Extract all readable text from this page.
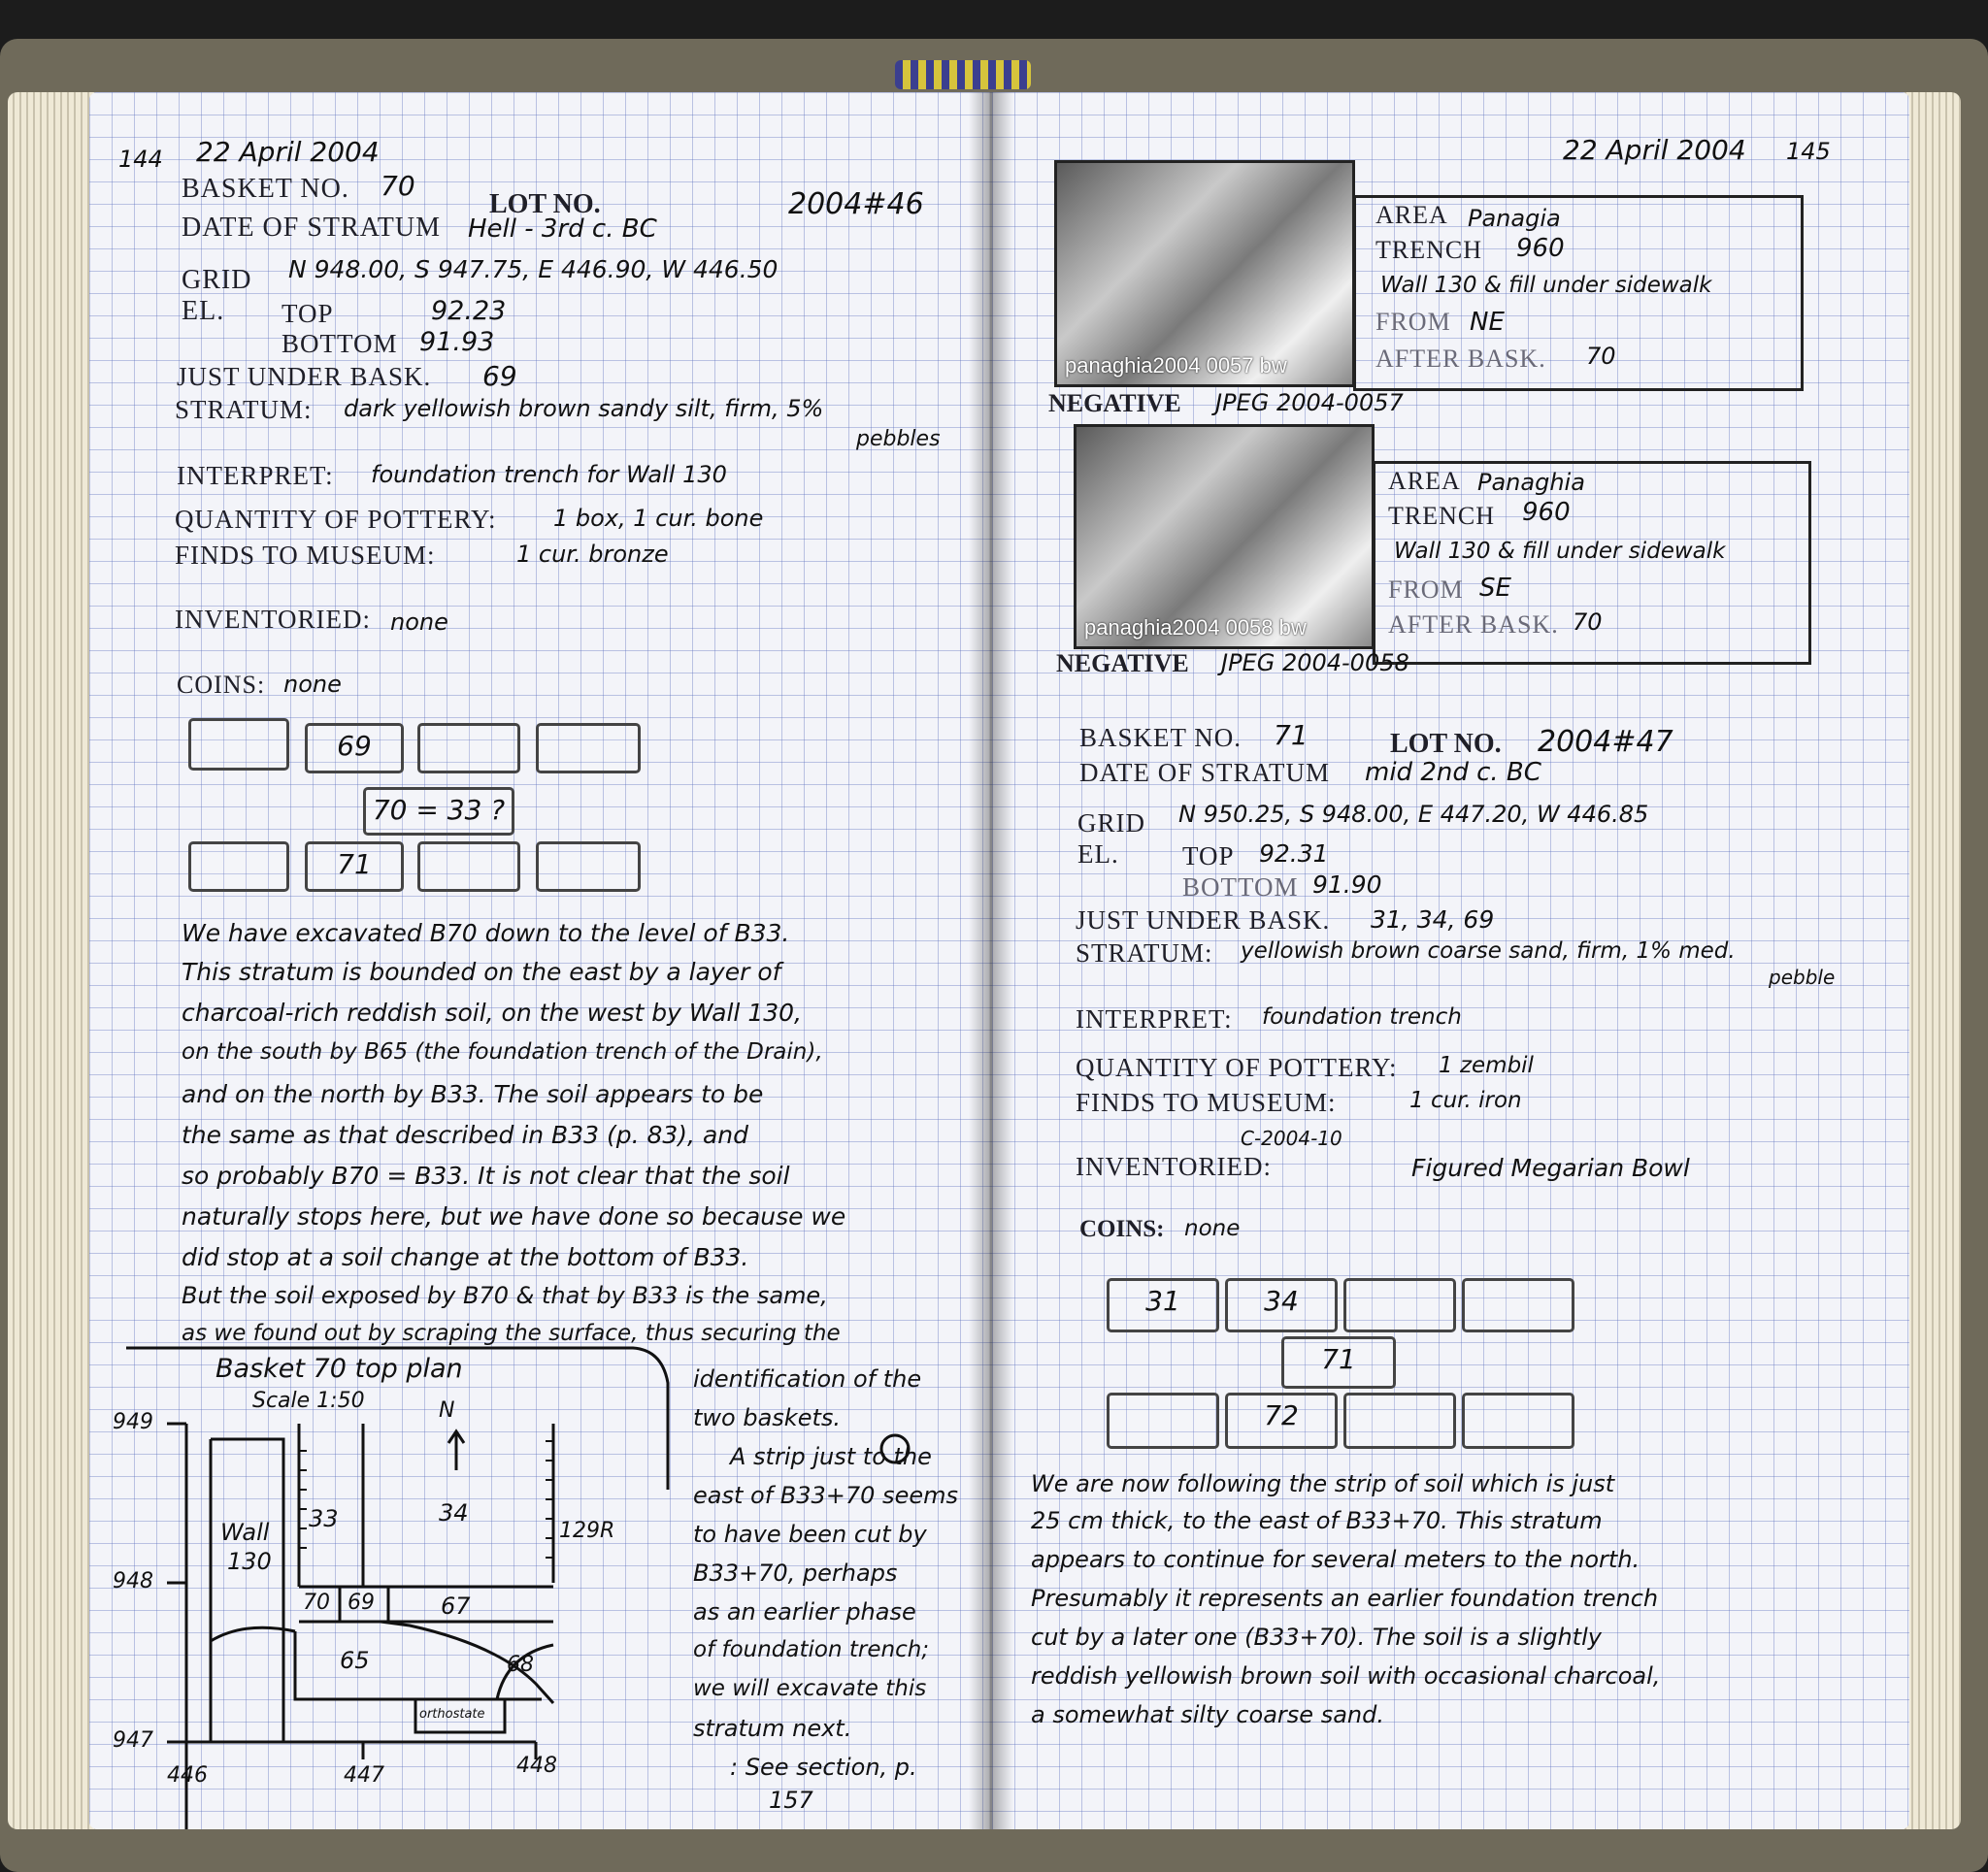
144 22 April 2004
BASKET NO. 70
LOT NO.	2004#46
DATE OF STRATUM Hell - 3rd c. BC
GRID N 948.00, S 947.75, E 446.90, W 446.50
EL. TOP	92.23
BOTTOM 91.93
JUST UNDER BASK. 69
STRATUM: dark yellowish brown sandy silt, firm, 5%
pebbles
INTERPRET: foundation trench for Wall 130
QUANTITY OF POTTERY: 1 box, 1 cur. bone
FINDS TO MUSEUM:	1 cur. bronze
INVENTORIED: none
COINS: none
69
70 = 33 ?
71
We have excavated B70 down to the level of B33.
This stratum is bounded on the east by a layer of
charcoal-rich reddish soil, on the west by Wall 130,
on the south by B65 (the foundation trench of the Drain),
and on the north by B33. The soil appears to be
the same as that described in B33 (p. 83), and
so probably B70 = B33. It is not clear that the soil
naturally stops here, but we have done so because we
did stop at a soil change at the bottom of B33.
But the soil exposed by B70 & that by B33 is the same,
as we found out by scraping the surface, thus securing the
identification of the
two baskets.
A strip just to the
east of B33+70 seems
to have been cut by
B33+70, perhaps
as an earlier phase
of foundation trench;
we will excavate this
stratum next.
: See section, p.
157
Basket 70 top plan
Scale 1:50	N
949
948
947
446	447	448
Wall
130
33	34
70 69	67
65	68
orthostate
129R
145
22 April 2004
panaghia2004 0057 bw
AREA Panagia
TRENCH 960
Wall 130 & fill under sidewalk
FROM NE
AFTER BASK. 70
NEGATIVE JPEG 2004-0057
panaghia2004 0058 bw
AREA Panaghia
TRENCH 960
Wall 130 & fill under sidewalk
FROM SE
AFTER BASK. 70
NEGATIVE JPEG 2004-0058
BASKET NO. 71	LOT NO. 2004#47
DATE OF STRATUM mid 2nd c. BC
GRID N 950.25, S 948.00, E 447.20, W 446.85
EL. TOP 92.31
BOTTOM 91.90
JUST UNDER BASK. 31, 34, 69
STRATUM: yellowish brown coarse sand, firm, 1% med.
pebble
INTERPRET: foundation trench
QUANTITY OF POTTERY: 1 zembil
FINDS TO MUSEUM:	1 cur. iron
INVENTORIED:
C-2004-10
Figured Megarian Bowl
COINS: none
31	34
71
72
We are now following the strip of soil which is just
25 cm thick, to the east of B33+70. This stratum
appears to continue for several meters to the north.
Presumably it represents an earlier foundation trench
cut by a later one (B33+70). The soil is a slightly
reddish yellowish brown soil with occasional charcoal,
a somewhat silty coarse sand.
